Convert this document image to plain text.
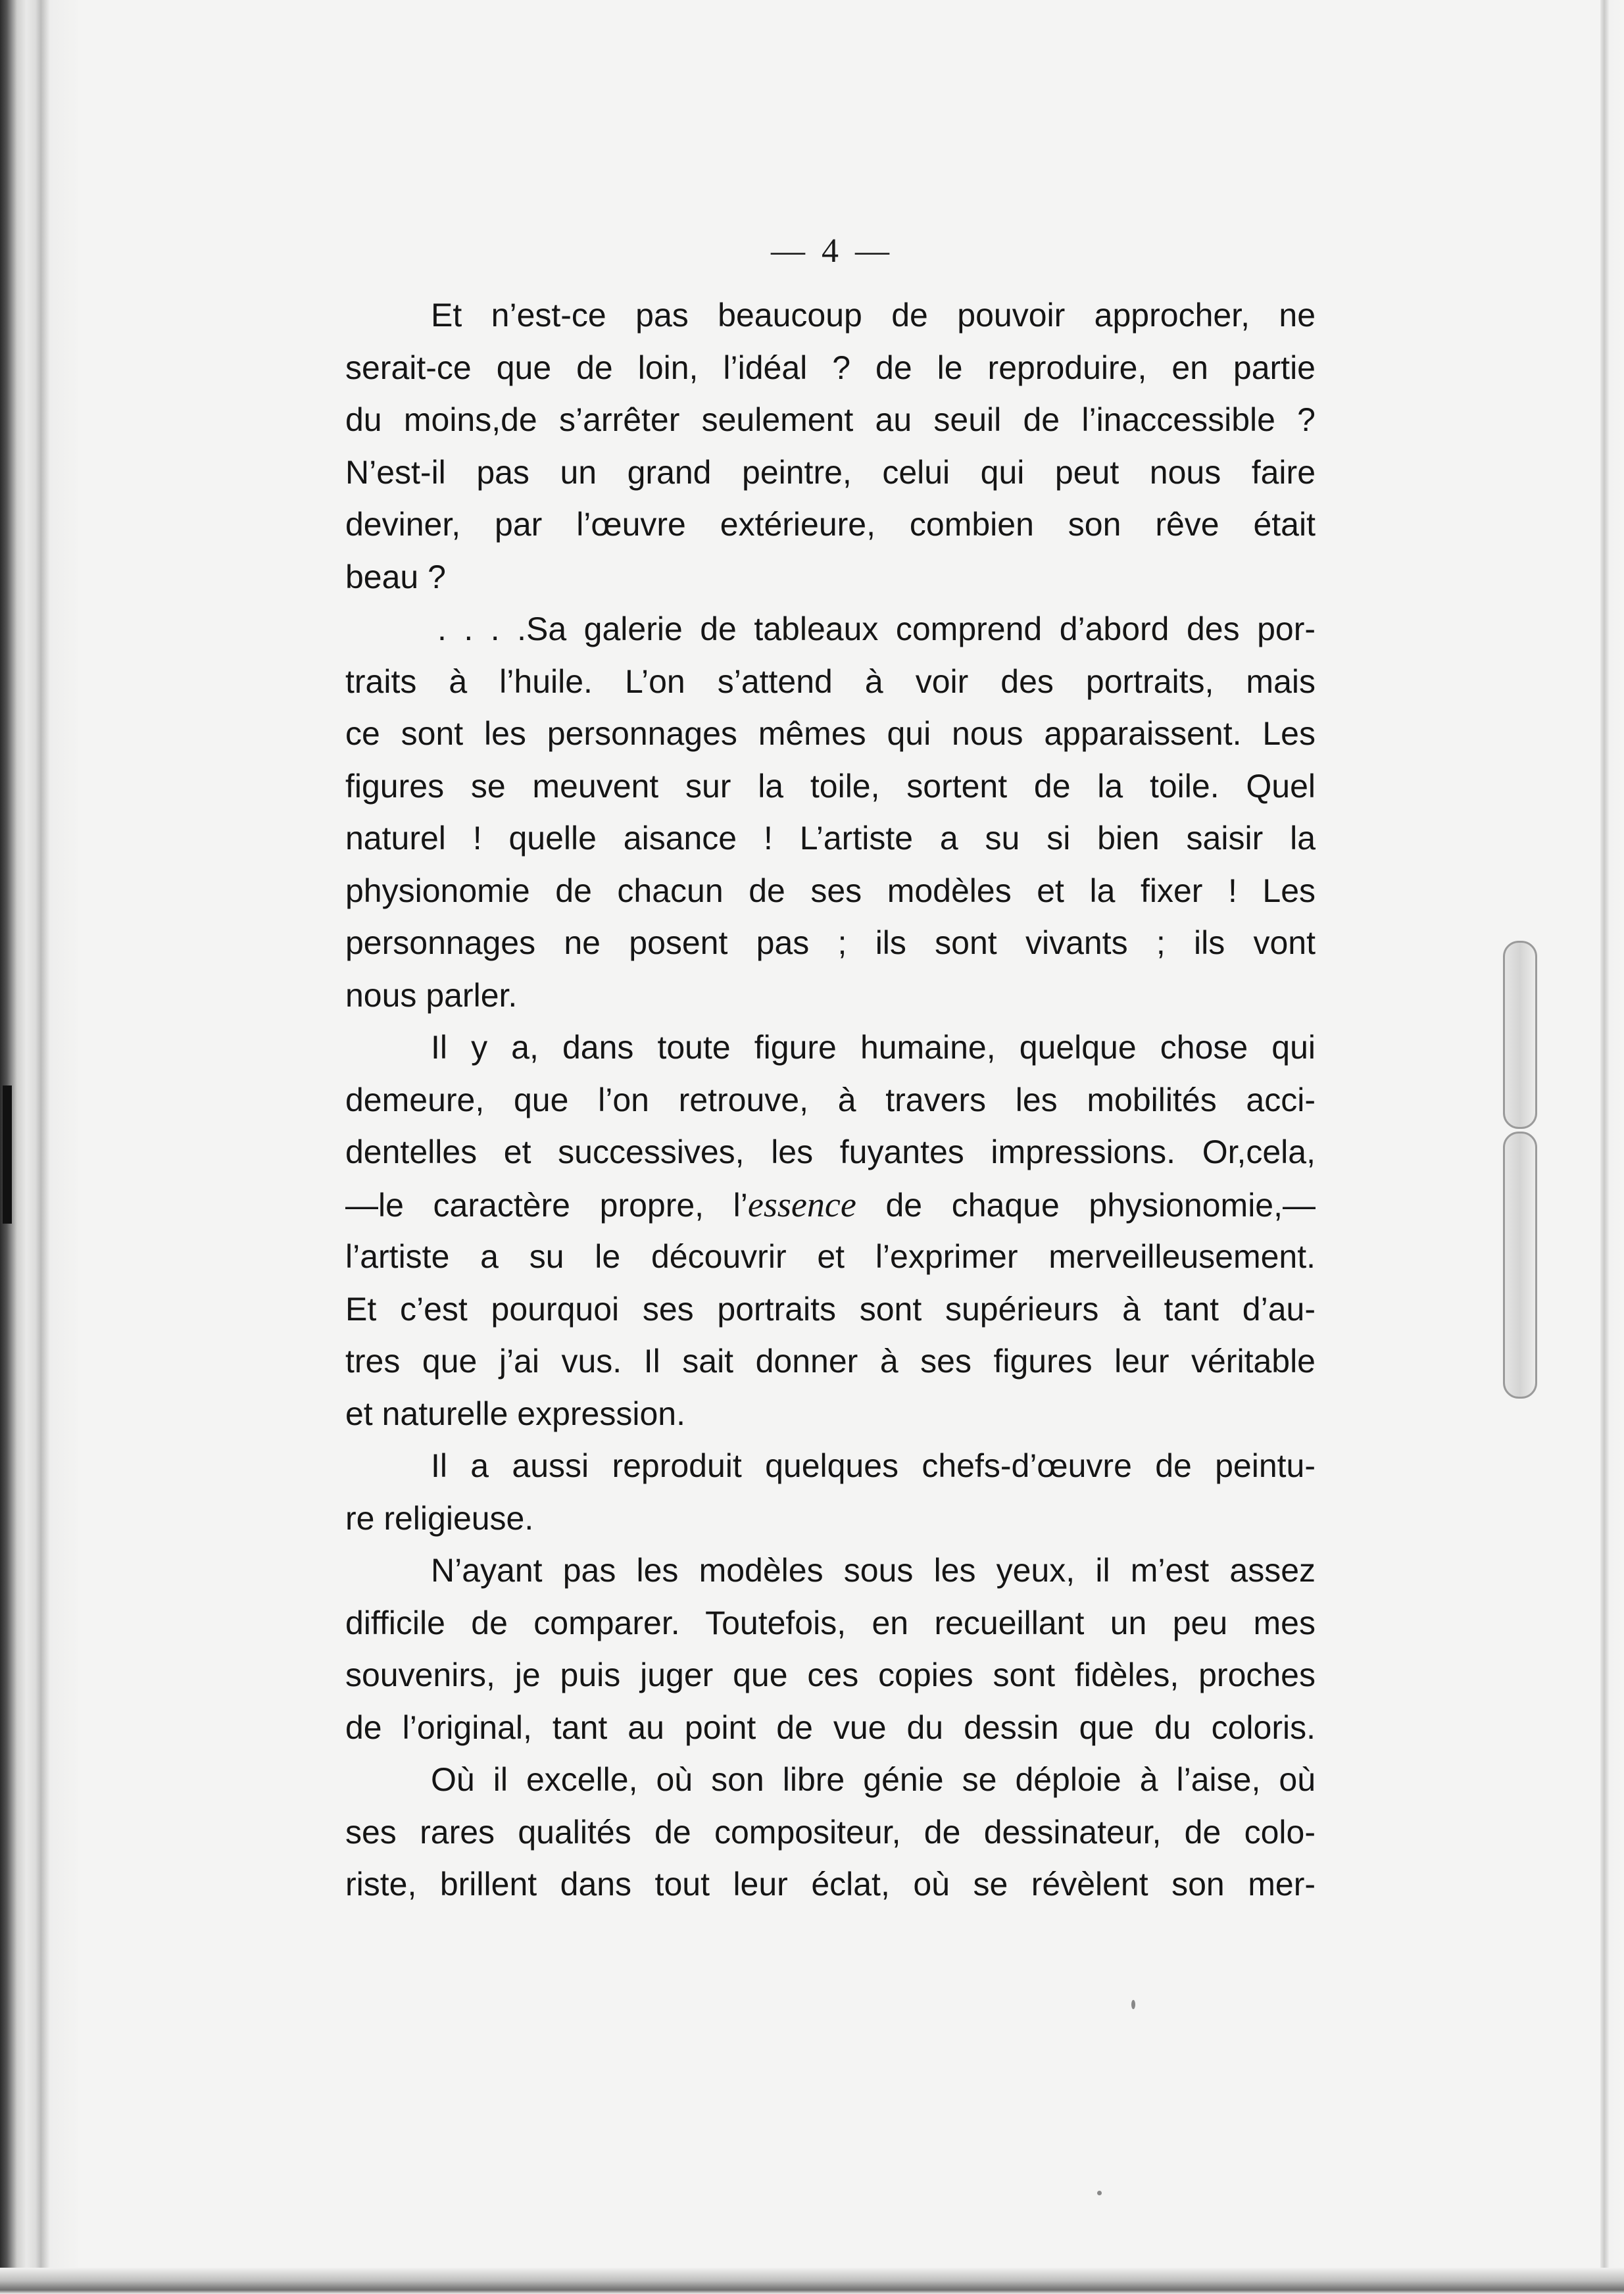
— 4 —
Et n’est-ce pas beaucoup de pouvoir approcher, ne
serait-ce que de loin, l’idéal ? de le reproduire, en partie
du moins,de s’arrêter seulement au seuil de l’inaccessible ?
N’est-il pas un grand peintre, celui qui peut nous faire
deviner, par l’œuvre extérieure, combien son rêve était
beau ?
. . . .Sa galerie de tableaux comprend d’abord des por-
traits à l’huile. L’on s’attend à voir des portraits, mais
ce sont les personnages mêmes qui nous apparaissent. Les
figures se meuvent sur la toile, sortent de la toile. Quel
naturel ! quelle aisance ! L’artiste a su si bien saisir la
physionomie de chacun de ses modèles et la fixer ! Les
personnages ne posent pas ; ils sont vivants ; ils vont
nous parler.
Il y a, dans toute figure humaine, quelque chose qui
demeure, que l’on retrouve, à travers les mobilités acci-
dentelles et successives, les fuyantes impressions. Or,cela,
—le caractère propre, l’essence de chaque physionomie,—
l’artiste a su le découvrir et l’exprimer merveilleusement.
Et c’est pourquoi ses portraits sont supérieurs à tant d’au-
tres que j’ai vus. Il sait donner à ses figures leur véritable
et naturelle expression.
Il a aussi reproduit quelques chefs-d’œuvre de peintu-
re religieuse.
N’ayant pas les modèles sous les yeux, il m’est assez
difficile de comparer. Toutefois, en recueillant un peu mes
souvenirs, je puis juger que ces copies sont fidèles, proches
de l’original, tant au point de vue du dessin que du coloris.
Où il excelle, où son libre génie se déploie à l’aise, où
ses rares qualités de compositeur, de dessinateur, de colo-
riste, brillent dans tout leur éclat, où se révèlent son mer-
